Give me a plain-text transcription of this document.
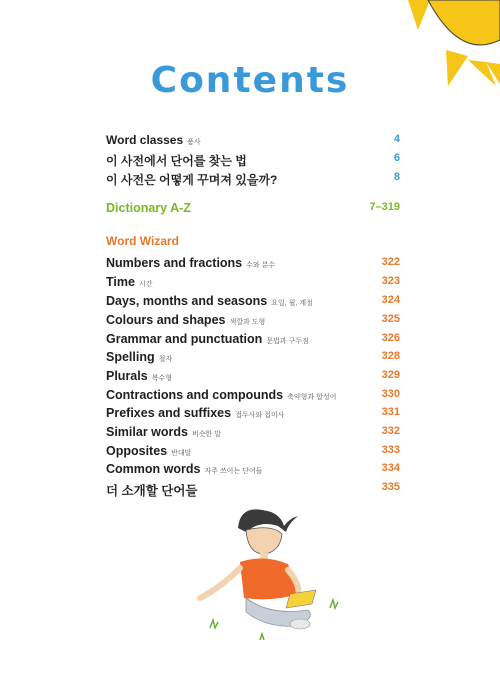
Contents
Word classes 품사	4
이 사전에서 단어를 찾는 법	6
이 사전은 어떻게 꾸며져 있을까?	8
Dictionary A-Z	7–319
Word Wizard
Numbers and fractions 수와 분수	322
Time 시간	323
Days, months and seasons 요일, 월, 계절	324
Colours and shapes 색깔과 도형	325
Grammar and punctuation 문법과 구두점	326
Spelling 철자	328
Plurals 복수형	329
Contractions and compounds 축약형과 합성어	330
Prefixes and suffixes 접두사와 접미사	331
Similar words 비슷한 말	332
Opposites 반대말	333
Common words 자주 쓰이는 단어들	334
더 소개할 단어들	335
